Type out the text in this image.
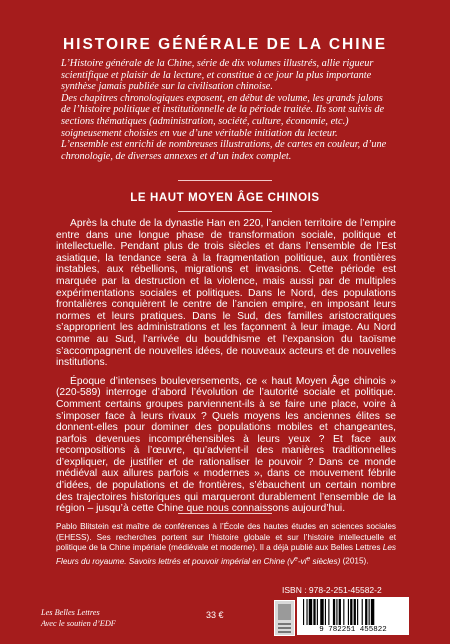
HISTOIRE GÉNÉRALE DE LA CHINE

L’Histoire générale de la Chine, série de dix volumes illustrés, allie rigueur scientifique et plaisir de la lecture, et constitue à ce jour la plus importante synthèse jamais publiée sur la civilisation chinoise.

Des chapitres chronologiques exposent, en début de volume, les grands jalons de l’histoire politique et institutionnelle de la période traitée. Ils sont suivis de sections thématiques (administration, société, culture, économie, etc.) soigneusement choisies en vue d’une véritable initiation du lecteur.

L’ensemble est enrichi de nombreuses illustrations, de cartes en couleur, d’une chronologie, de diverses annexes et d’un index complet.

LE HAUT MOYEN ÂGE CHINOIS

Après la chute de la dynastie Han en 220, l’ancien territoire de l’empire entre dans une longue phase de transformation sociale, politique et intellectuelle. Pendant plus de trois siècles et dans l’ensemble de l’Est asiatique, la tendance sera à la fragmentation politique, aux frontières instables, aux rébellions, migrations et invasions. Cette période est marquée par la destruction et la violence, mais aussi par de multiples expérimentations sociales et politiques. Dans le Nord, des populations frontalières conquièrent le centre de l’ancien empire, en imposant leurs normes et leurs pratiques. Dans le Sud, des familles aristocratiques s’approprient les administrations et les façonnent à leur image. Au Nord comme au Sud, l’arrivée du bouddhisme et l’expansion du taoïsme s’accompagnent de nouvelles idées, de nouveaux acteurs et de nouvelles institutions.

Époque d’intenses bouleversements, ce « haut Moyen Âge chinois » (220-589) interroge d’abord l’évolution de l’autorité sociale et politique. Comment certains groupes parviennent-ils à se faire une place, voire à s’imposer face à leurs rivaux ? Quels moyens les anciennes élites se donnent-elles pour dominer des populations mobiles et changeantes, parfois devenues incompréhensibles à leurs yeux ? Et face aux recompositions à l’œuvre, qu’advient-il des manières traditionnelles d’expliquer, de justifier et de rationaliser le pouvoir ? Dans ce monde médiéval aux allures parfois « modernes », dans ce mouvement fébrile d’idées, de populations et de frontières, s’ébauchent un certain nombre des trajectoires historiques qui marqueront durablement l’ensemble de la région – jusqu’à cette Chine que nous connaissons aujourd’hui.

Pablo Blitstein est maître de conférences à l’École des hautes études en sciences sociales (EHESS). Ses recherches portent sur l’histoire globale et sur l’histoire intellectuelle et politique de la Chine impériale (médiévale et moderne). Il a déjà publié aux Belles Lettres Les Fleurs du royaume. Savoirs lettrés et pouvoir impérial en Chine ($v^e-vi^e$ siècles) (2015).

Les Belles Lettres
Avec le soutien d’EDF
33 €
ISBN : 978-2-251-45582-2
9 782251 455822
